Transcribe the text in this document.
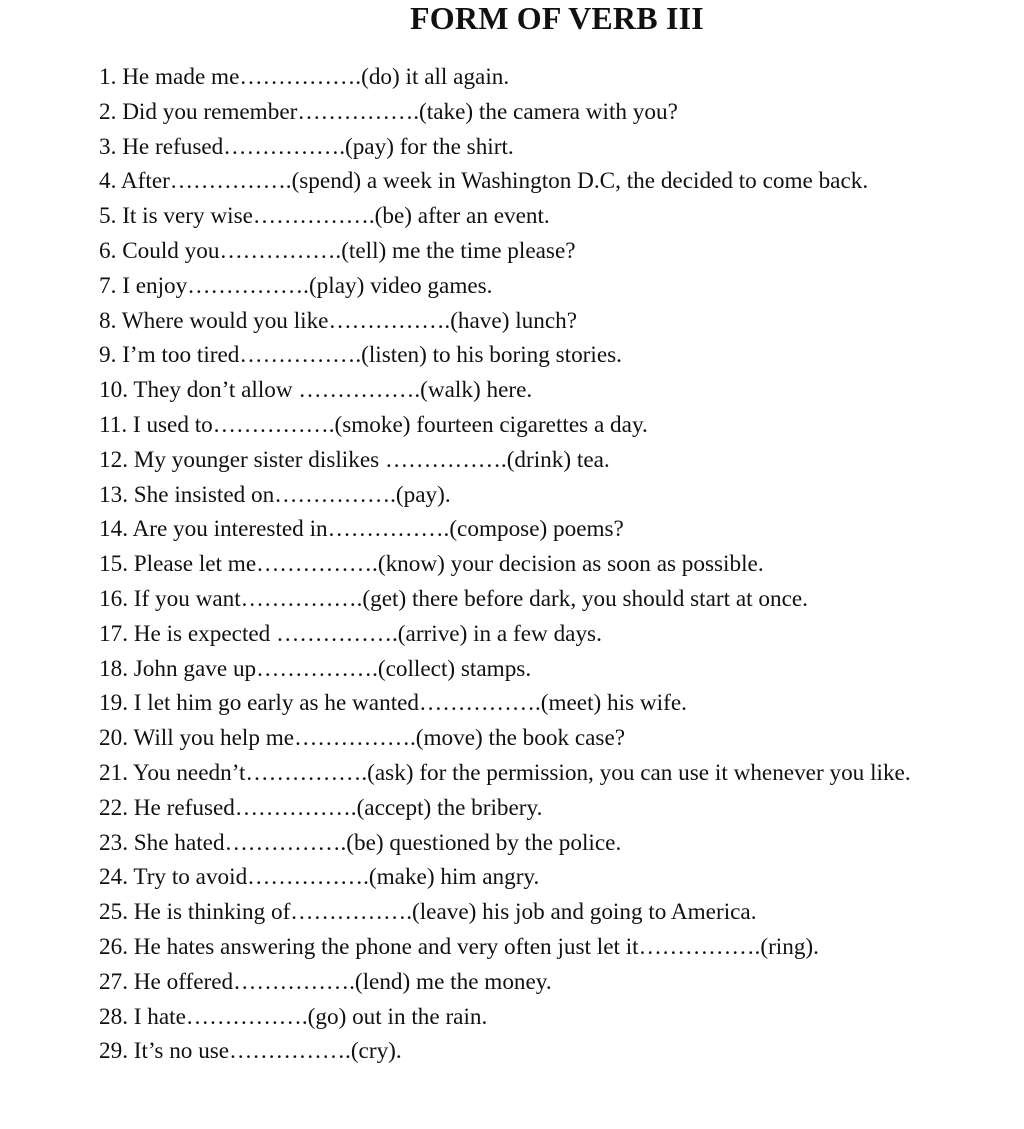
FORM OF VERB III
1. He made me…………….(do) it all again.
2. Did you remember…………….(take) the camera with you?
3. He refused…………….(pay) for the shirt.
4. After…………….(spend) a week in Washington D.C, the decided to come back.
5. It is very wise…………….(be) after an event.
6. Could you…………….(tell) me the time please?
7. I enjoy…………….(play) video games.
8. Where would you like…………….(have) lunch?
9. I’m too tired…………….(listen) to his boring stories.
10. They don’t allow …………….(walk) here.
11. I used to…………….(smoke) fourteen cigarettes a day.
12. My younger sister dislikes …………….(drink) tea.
13. She insisted on…………….(pay).
14. Are you interested in…………….(compose) poems?
15. Please let me…………….(know) your decision as soon as possible.
16. If you want…………….(get) there before dark, you should start at once.
17. He is expected …………….(arrive) in a few days.
18. John gave up…………….(collect) stamps.
19. I let him go early as he wanted…………….(meet) his wife.
20. Will you help me…………….(move) the book case?
21. You needn’t…………….(ask) for the permission, you can use it whenever you like.
22. He refused…………….(accept) the bribery.
23. She hated…………….(be) questioned by the police.
24. Try to avoid…………….(make) him angry.
25. He is thinking of…………….(leave) his job and going to America.
26. He hates answering the phone and very often just let it…………….(ring).
27. He offered…………….(lend) me the money.
28. I hate…………….(go) out in the rain.
29. It’s no use…………….(cry).
